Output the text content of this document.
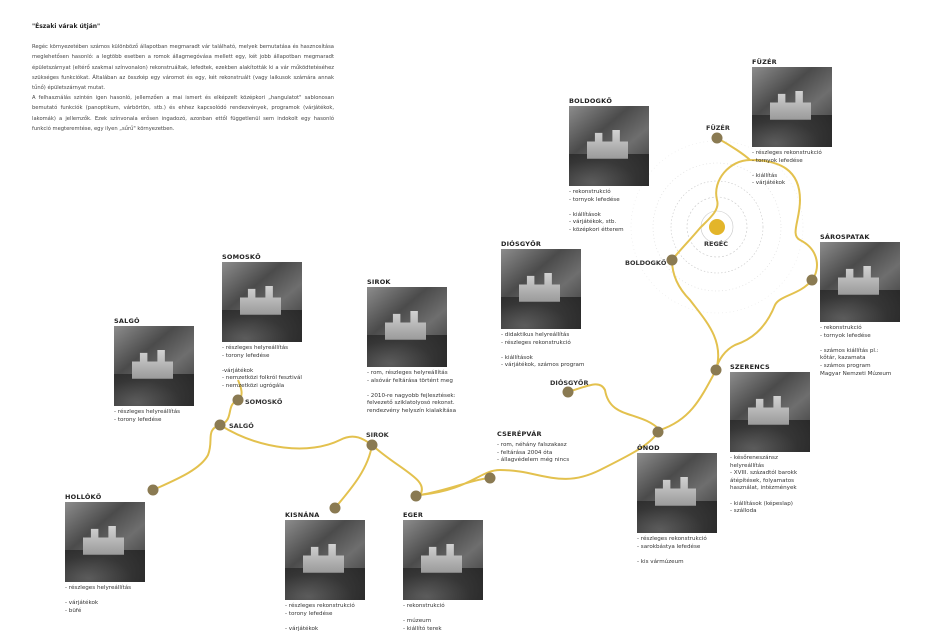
SOMOSKŐ
SALGÓ
SIROK
DIÓSGYŐR
BOLDOGKŐ
FÜZÉR
REGÉC
"Északi várak útján"

Regéc környezetében számos különböző állapotban megmaradt vár található, melyek bemutatása és hasznosítása meglehetősen hasonló: a legtöbb esetben a romok állagmegóvása mellett egy, két jobb állapotban megmaradt épületszárnyat (eltérő szakmai színvonalon) rekonstruáltak, lefedtek, ezekben alakították ki a vár működtetéséhez szükséges funkciókat. Általában az összkép egy váromot és egy, két rekonstruált (vagy laikusok számára annak tűnő) épületszárnyat mutat.

A felhasználás szintén igen hasonló, jellemzően a mai ismert és elképzelt középkori „hangulatot" sablonosan bemutató funkciók (panoptikum, várbörtön, stb.) és ehhez kapcsolódó rendezvények, programok (várjátékok, lakomák) a jellemzők. Ezek színvonala erősen ingadozó, azonban ettől függetlenül sem indokolt egy hasonló funkció megteremtése, egy ilyen „sűrű" környezetben.

HOLLÓKŐ
- részleges helyreállítás
- várjátékok
- büfé
SALGÓ
- részleges helyreállítás
- torony lefedése
SOMOSKŐ
- részleges helyreállítás
- torony lefedése
-várjátékok
- nemzetközi folkról fesztivál
- nemzetközi ugrógála
SIROK
- rom, részleges helyreállítás
- alsóvár feltárása történt meg
- 2010-re nagyobb fejlesztések:
felvezető sziklatolyosó rekonst.
rendezvény helyszín kialakítása
KISNÁNA
- részleges rekonstrukció
- torony lefedése
- várjátékok
EGER
- rekonstrukció
- múzeum
- kiállító terek
DIÓSGYŐR
- didaktikus helyreállítás
- részleges rekonstrukció
- kiállítások
- várjátékok, számos program
CSERÉPVÁR
- rom, néhány falszakasz
- feltárása 2004 óta
- állagvédelem még nincs
BOLDOGKŐ
- rekonstrukció
- tornyok lefedése
- kiállítások
- várjátékok, stb.
- középkori étterem
ÓNOD
- részleges rekonstrukció
- sarokbástya lefedése
- kis vármúzeum
SZERENCS
- későreneszánsz
helyreállítás
- XVIII. századtól barokk
átépítések, folyamatos
használat, intézmények
- kiállítások (képeslap)
- szálloda
FÜZÉR
- részleges rekonstrukció
- tornyok lefedése
- kiállítás
- várjátékok
SÁROSPATAK
- rekonstrukció
- tornyok lefedése
- számos kiállítás pl.:
kőtár, kazamata
- számos program
Magyar Nemzeti Múzeum
